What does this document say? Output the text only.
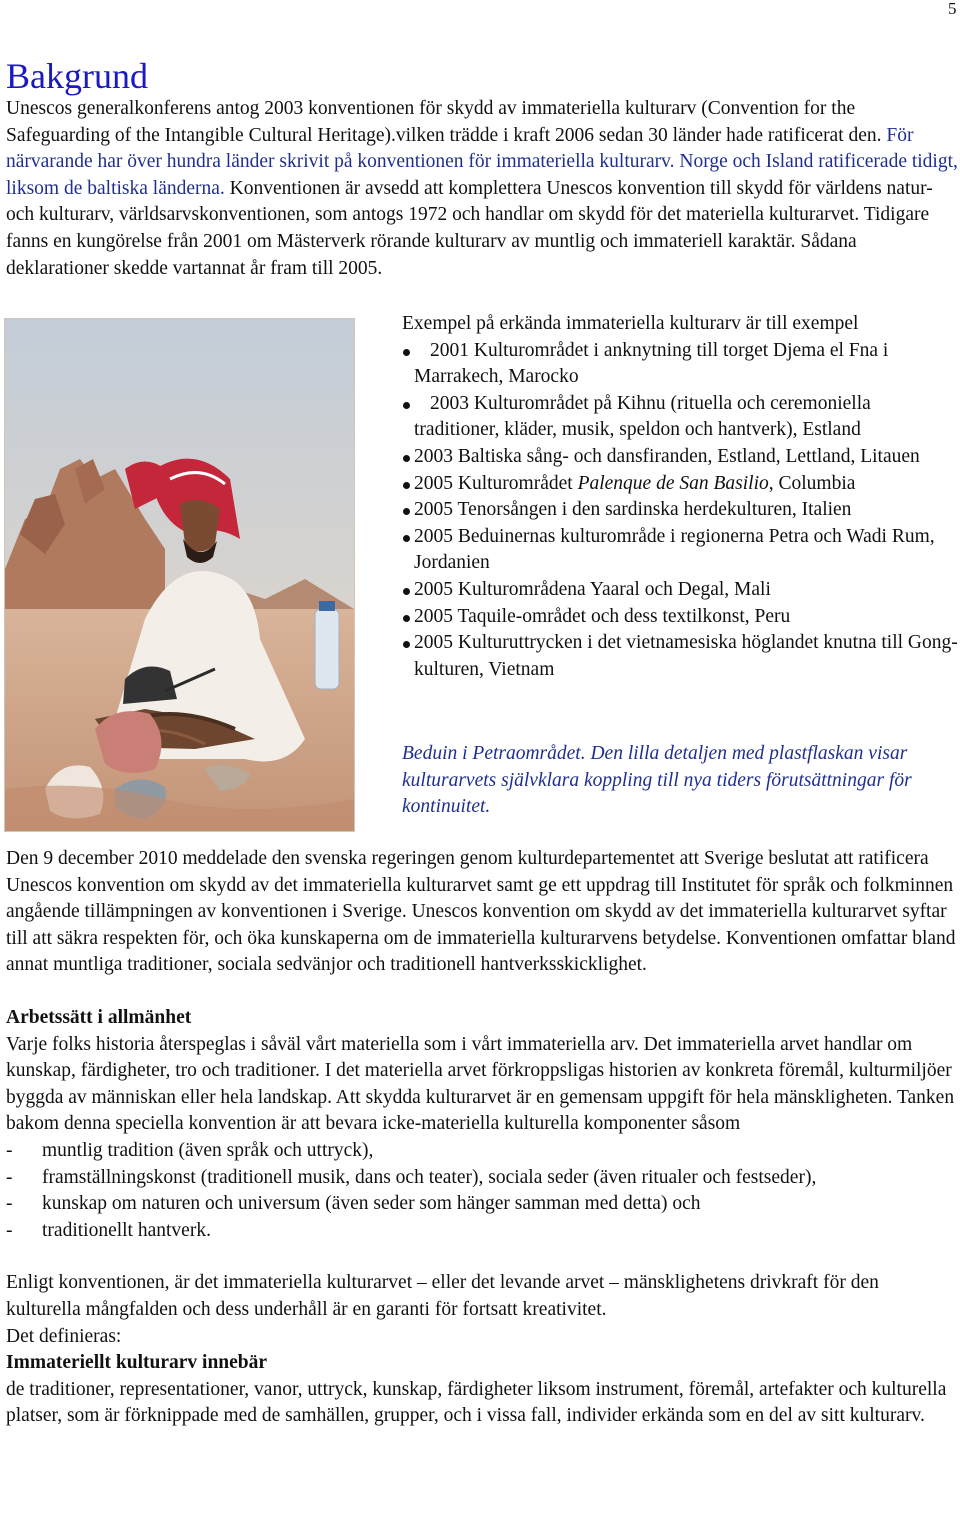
5
Bakgrund

Unescos generalkonferens antog 2003 konventionen för skydd av immateriella kulturarv (Convention for the Safeguarding of the Intangible Cultural Heritage).vilken trädde i kraft 2006 sedan 30 länder hade ratificerat den. För närvarande har över hundra länder skrivit på konventionen för immateriella kulturarv. Norge och Island ratificerade tidigt, liksom de baltiska länderna. Konventionen är avsedd att komplettera Unescos konvention till skydd för världens natur- och kulturarv, världsarvskonventionen, som antogs 1972 och handlar om skydd för det materiella kulturarvet. Tidigare fanns en kungörelse från 2001 om Mästerverk rörande kulturarv av muntlig och immateriell karaktär. Sådana deklarationer skedde vartannat år fram till 2005.

Exempel på erkända immateriella kulturarv är till exempel

2001 Kulturområdet i anknytning till torget Djema el Fna i Marrakech, Marocko
2003 Kulturområdet på Kihnu (rituella och ceremoniella traditioner, kläder, musik, speldon och hantverk), Estland
2003 Baltiska sång- och dansfiranden, Estland, Lettland, Litauen
2005 Kulturområdet Palenque de San Basilio, Columbia
2005 Tenorsången i den sardinska herdekulturen, Italien
2005 Beduinernas kulturområde i regionerna Petra och Wadi Rum, Jordanien
2005 Kulturområdena Yaaral och Degal, Mali
2005 Taquile-området och dess textilkonst, Peru
2005 Kulturuttrycken i det vietnamesiska höglandet knutna till Gong-kulturen, Vietnam

Beduin i Petraområdet. Den lilla detaljen med plastflaskan visar kulturarvets självklara koppling till nya tiders förutsättningar för kontinuitet.

Den 9 december 2010 meddelade den svenska regeringen genom kulturdepartementet att Sverige beslutat att ratificera Unescos konvention om skydd av det immateriella kulturarvet samt ge ett uppdrag till Institutet för språk och folkminnen angående tillämpningen av konventionen i Sverige. Unescos konvention om skydd av det immateriella kulturarvet syftar till att säkra respekten för, och öka kunskaperna om de immateriella kulturarvens betydelse. Konventionen omfattar bland annat muntliga traditioner, sociala sedvänjor och traditionell hantverksskicklighet.

Arbetssätt i allmänhet

Varje folks historia återspeglas i såväl vårt materiella som i vårt immateriella arv. Det immateriella arvet handlar om kunskap, färdigheter, tro och traditioner. I det materiella arvet förkroppsligas historien av konkreta föremål, kulturmiljöer byggda av människan eller hela landskap. Att skydda kulturarvet är en gemensam uppgift för hela mänskligheten. Tanken bakom denna speciella konvention är att bevara icke-materiella kulturella komponenter såsom

- muntlig tradition (även språk och uttryck),
- framställningskonst (traditionell musik, dans och teater), sociala seder (även ritualer och festseder),
- kunskap om naturen och universum (även seder som hänger samman med detta) och
- traditionellt hantverk.

Enligt konventionen, är det immateriella kulturarvet – eller det levande arvet – mänsklighetens drivkraft för den kulturella mångfalden och dess underhåll är en garanti för fortsatt kreativitet.

Det definieras:

Immateriellt kulturarv innebär

de traditioner, representationer, vanor, uttryck, kunskap, färdigheter liksom instrument, föremål, artefakter och kulturella platser, som är förknippade med de samhällen, grupper, och i vissa fall, individer erkända som en del av sitt kulturarv.
